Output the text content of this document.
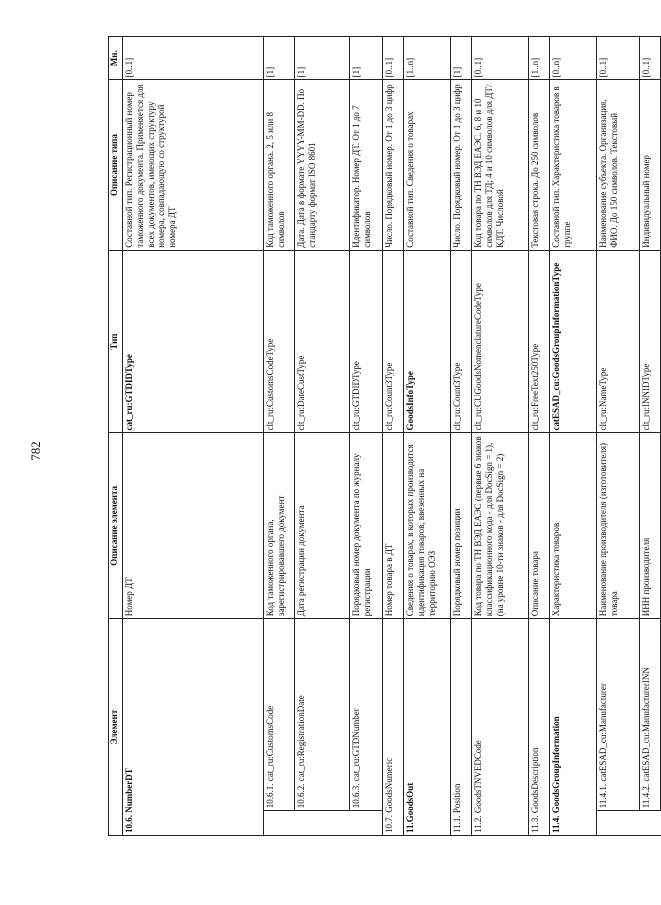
782
Элемент		Описание элемента	Тип	Описание типа	Мн.
10.6. NumberDT		Номер ДТ	cat_ru:GTDIDType	Составной тип. Регистрационный номер таможенного документа. Применяется для всех документов, имеющих структуру номера, совпадающую со структурой номера ДТ	[0..1]
	10.6.1. cat_ru:CustomsCode	Код таможенного органа, зарегистрировавшего документ	clt_ru:CustomsCodeType	Код таможенного органа. 2, 5 или 8 символов	[1]
	10.6.2. cat_ru:RegistrationDate	Дата регистрации документа	clt_ru:DateCustType	Дата. Дата в формате YYYY-MM-DD. По стандарту формат ISO 8601	[1]
	10.6.3. cat_ru:GTDNumber	Порядковый номер документа по журналу регистрации	clt_ru:GTDIDType	Идентификатор. Номер ДТ. От 1 до 7 символов	[1]
10.7. GoodsNumeric		Номер товара в ДТ	clt_ru:Count3Type	Число. Порядковый номер. От 1 до 3 цифр	[0..1]
11.GoodsOut		Сведения о товарах, в которых производится идентификация товаров, ввезенных на территорию ОЭЗ	GoodsInfoType	Составной тип. Сведения о товарах	[1..n]
11.1. Position		Порядковый номер позиции	clt_ru:Count3Type	Число. Порядковый номер. От 1 до 3 цифр	[1]
11.2. GoodsTNVEDCode		Код товара по ТН ВЭД ЕАЭС (первые 6 знаков классификационного кода - для DocSign = 1), (на уровне 10-ти знаков - для DocSign = 2)	clt_ru:CUGoodsNomenclatureCodeType	Код товара по ТН ВЭД ЕАЭС. 6, 8 и 10 символов для ТД; 4 и 10 символов для ДТ/КДТ. Числовой	[0..1]
11.3. GoodsDescription		Описание товара	clt_ru:FreeText250Type	Текстовая строка. До 250 символов	[1..n]
11.4. GoodsGroupInformation		Характеристика товаров	catESAD_cu:GoodsGroupInformationType	Составной тип. Характеристика товаров в группе	[0..n]
	11.4.1. catESAD_cu:Manufacturer	Наименование производителя (изготовителя) товара	clt_ru:NameType	Наименование субъекта. Организация, ФИО. До 150 символов. Текстовый	[0..1]
	11.4.2. catESAD_cu:ManufacturerINN	ИНН производителя	clt_ru:INNIDType	Индивидуальный номер	[0..1]
